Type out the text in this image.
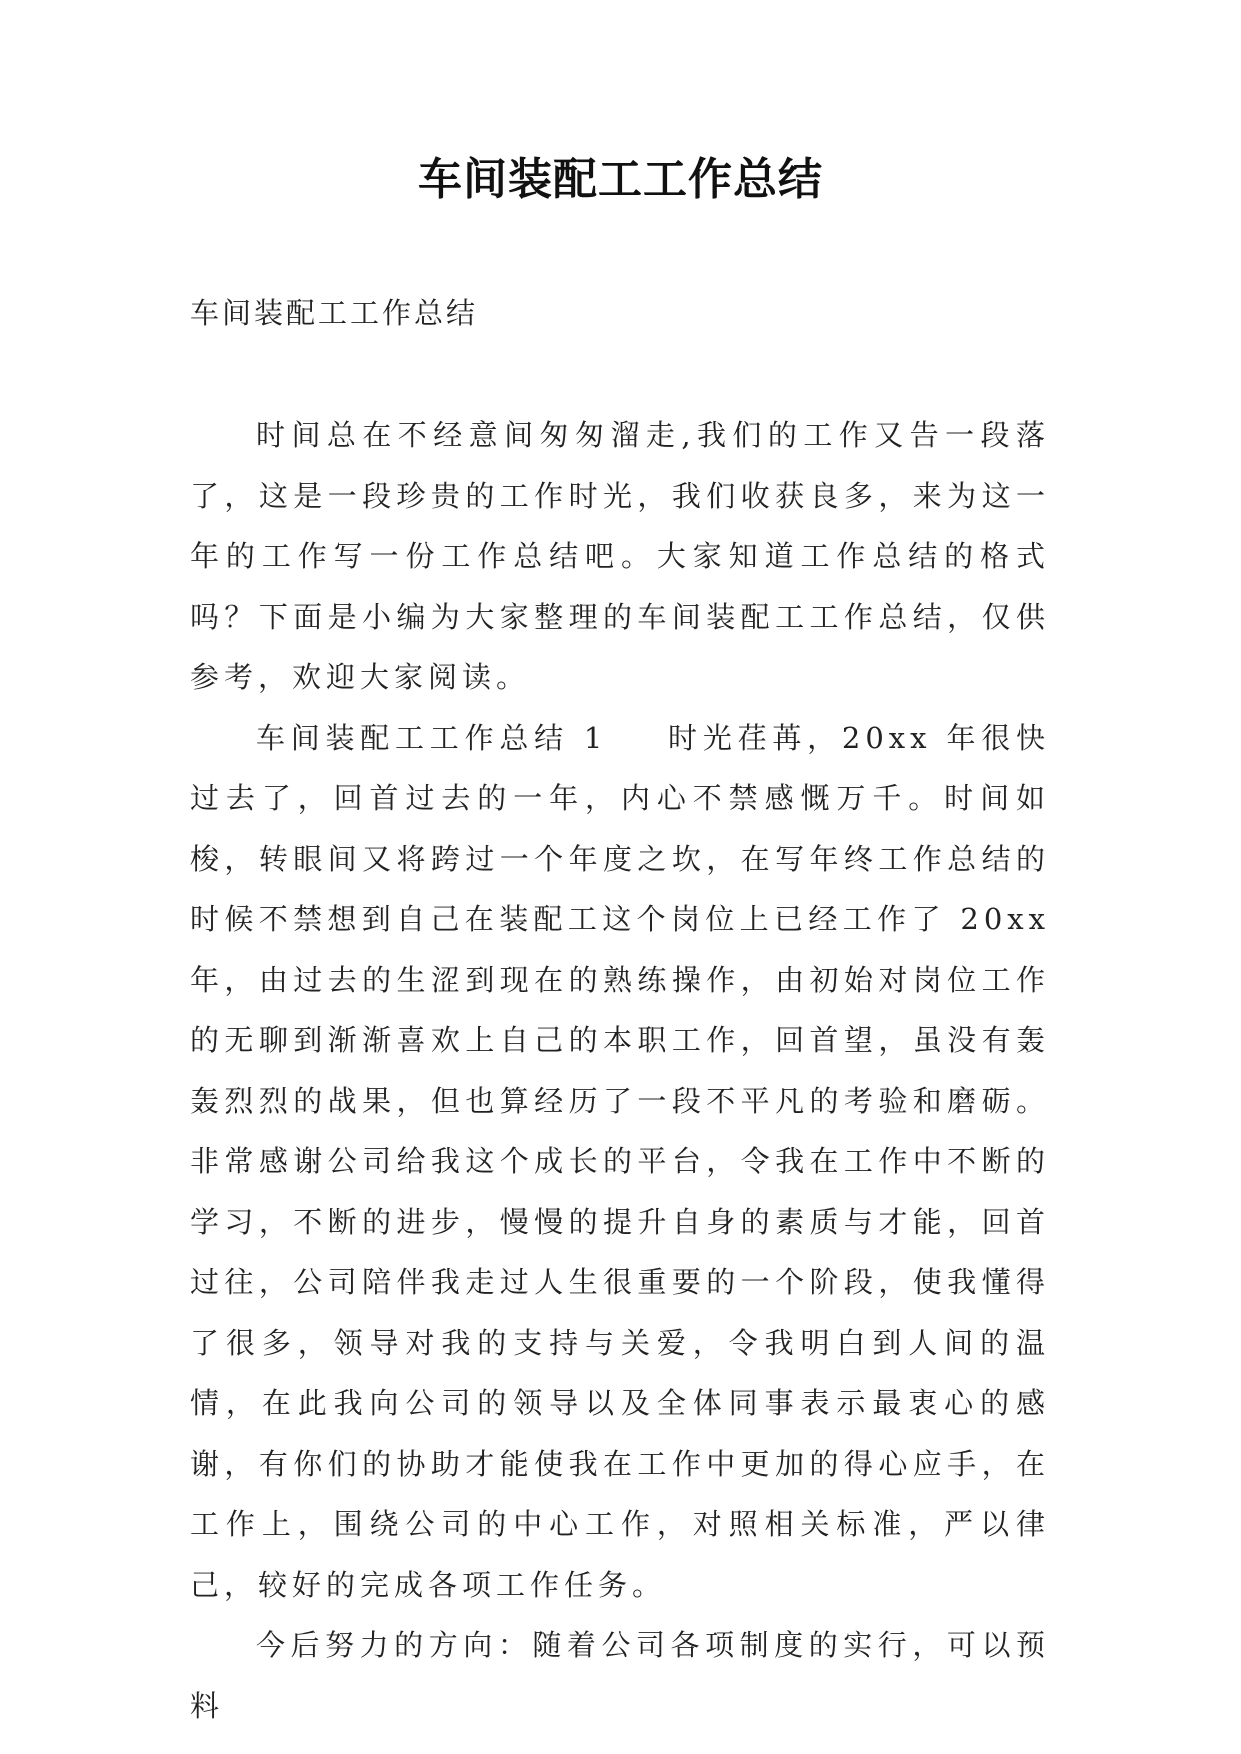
车间装配工工作总结
车间装配工工作总结

时间总在不经意间匆匆溜走,我们的工作又告一段落了，这是一段珍贵的工作时光，我们收获良多，来为这一年的工作写一份工作总结吧。大家知道工作总结的格式吗？下面是小编为大家整理的车间装配工工作总结，仅供参考，欢迎大家阅读。

车间装配工工作总结 1 时光荏苒，20xx 年很快过去了，回首过去的一年，内心不禁感慨万千。时间如梭，转眼间又将跨过一个年度之坎，在写年终工作总结的时候不禁想到自己在装配工这个岗位上已经工作了 20xx 年，由过去的生涩到现在的熟练操作，由初始对岗位工作的无聊到渐渐喜欢上自己的本职工作，回首望，虽没有轰轰烈烈的战果，但也算经历了一段不平凡的考验和磨砺。非常感谢公司给我这个成长的平台，令我在工作中不断的学习，不断的进步，慢慢的提升自身的素质与才能，回首过往，公司陪伴我走过人生很重要的一个阶段，使我懂得了很多，领导对我的支持与关爱，令我明白到人间的温情，在此我向公司的领导以及全体同事表示最衷心的感谢，有你们的协助才能使我在工作中更加的得心应手，在工作上，围绕公司的中心工作，对照相关标准，严以律己，较好的完成各项工作任务。

今后努力的方向：随着公司各项制度的实行，可以预料
